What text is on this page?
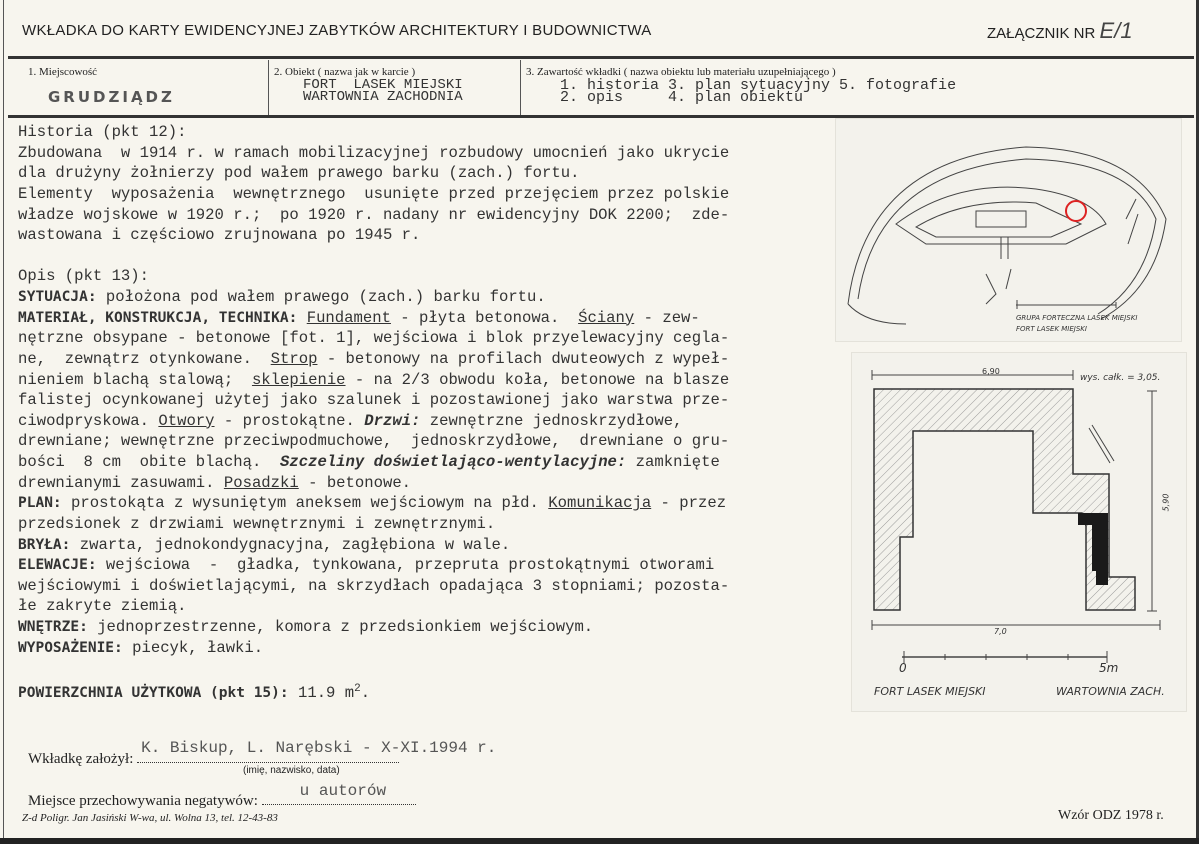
WKŁADKA DO KARTY EWIDENCYJNEJ ZABYTKÓW ARCHITEKTURY I BUDOWNICTWA	ZAŁĄCZNIK NR E/1
1. Miejscowość
GRUDZIĄDZ
2. Obiekt ( nazwa jak w karcie )
FORT  LASEK MIEJSKI
WARTOWNIA ZACHODNIA
3. Zawartość wkładki ( nazwa obiektu lub materiału uzupełniającego )
1. historia 3. plan sytuacyjny 5. fotografie
2. opis     4. plan obiektu
Historia (pkt 12):
Zbudowana  w 1914 r. w ramach mobilizacyjnej rozbudowy umocnień jako ukrycie
dla drużyny żołnierzy pod wałem prawego barku (zach.) fortu.
Elementy  wyposażenia  wewnętrznego  usunięte przed przejęciem przez polskie
władze wojskowe w 1920 r.;  po 1920 r. nadany nr ewidencyjny DOK 2200;  zde-
wastowana i częściowo zrujnowana po 1945 r.
Opis (pkt 13):
SYTUACJA: położona pod wałem prawego (zach.) barku fortu.
MATERIAŁ, KONSTRUKCJA, TECHNIKA: Fundament - płyta betonowa.  Ściany - zew-
nętrzne obsypane - betonowe [fot. 1], wejściowa i blok przyelewacyjny cegla-
ne,  zewnątrz otynkowane.  Strop - betonowy na profilach dwuteowych z wypeł-
nieniem blachą stalową;  sklepienie - na 2/3 obwodu koła, betonowe na blasze
falistej ocynkowanej użytej jako szalunek i pozostawionej jako warstwa prze-
ciwodpryskowa. Otwory - prostokątne. Drzwi: zewnętrzne jednoskrzydłowe,
drewniane; wewnętrzne przeciwpodmuchowe,  jednoskrzydłowe,  drewniane o gru-
bości  8 cm  obite blachą.  Szczeliny doświetlająco-wentylacyjne: zamknięte
drewnianymi zasuwami. Posadzki - betonowe.
PLAN: prostokąta z wysuniętym aneksem wejściowym na płd. Komunikacja - przez
przedsionek z drzwiami wewnętrznymi i zewnętrznymi.
BRYŁA: zwarta, jednokondygnacyjna, zagłębiona w wale.
ELEWACJE: wejściowa  -  gładka, tynkowana, przepruta prostokątnymi otworami
wejściowymi i doświetlającymi, na skrzydłach opadająca 3 stopniami; pozosta-
łe zakryte ziemią.
WNĘTRZE: jednoprzestrzenne, komora z przedsionkiem wejściowym.
WYPOSAŻENIE: piecyk, ławki.
POWIERZCHNIA UŻYTKOWA (pkt 15): 11.9 $m^2$.
GRUPA FORTECZNA LASEK MIEJSKI
FORT LASEK MIEJSKI
6,90
wys. całk. = 3,05.
5,90
7,0
0	5m
FORT LASEK MIEJSKI	WARTOWNIA ZACH.
Wkładkę założył:
K. Biskup, L. Narębski - X-XI.1994 r.
(imię, nazwisko, data)
Miejsce przechowywania negatywów:
u autorów
Z-d Poligr. Jan Jasiński W-wa, ul. Wolna 13, tel. 12-43-83	Wzór ODZ 1978 r.
